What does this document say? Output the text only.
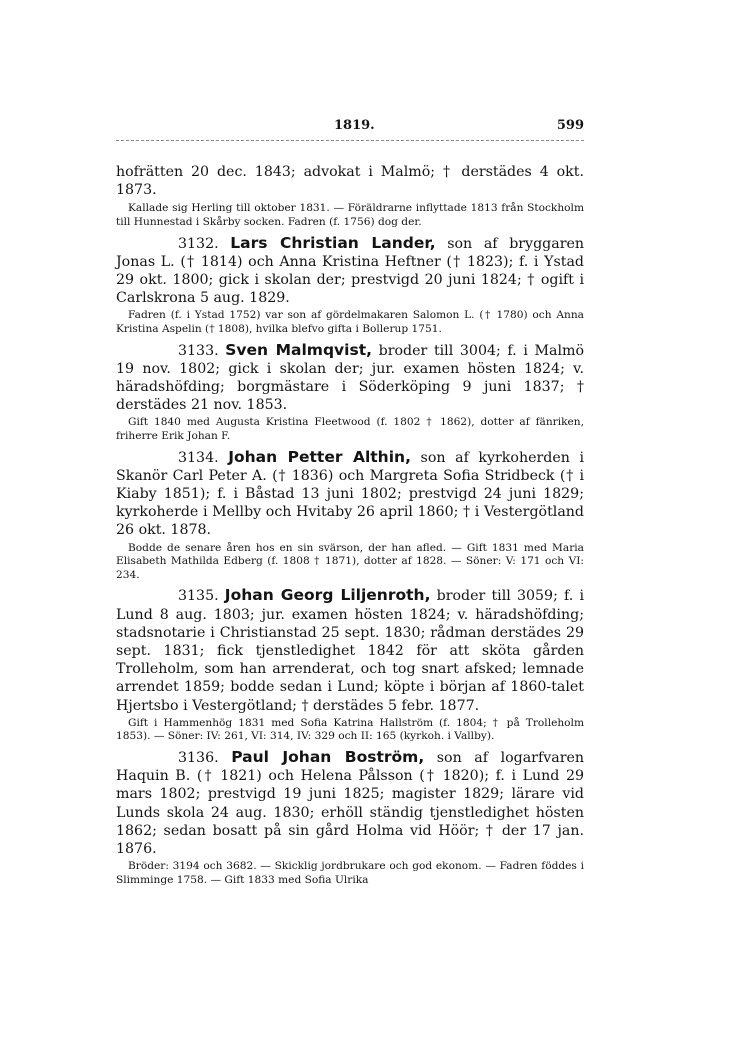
1819.	599

hofrätten 20 dec. 1843; advokat i Malmö; † derstädes 4 okt. 1873.

Kallade sig Herling till oktober 1831. — Föräldrarne inflyttade 1813 från Stockholm till Hunnestad i Skårby socken. Fadren (f. 1756) dog der.

3132. Lars Christian Lander, son af bryggaren Jonas L. († 1814) och Anna Kristina Heftner († 1823); f. i Ystad 29 okt. 1800; gick i skolan der; prestvigd 20 juni 1824; † ogift i Carlskrona 5 aug. 1829.

Fadren (f. i Ystad 1752) var son af gördelmakaren Salomon L. († 1780) och Anna Kristina Aspelin († 1808), hvilka blefvo gifta i Bollerup 1751.

3133. Sven Malmqvist, broder till 3004; f. i Malmö 19 nov. 1802; gick i skolan der; jur. examen hösten 1824; v. häradshöfding; borgmästare i Söderköping 9 juni 1837; † derstädes 21 nov. 1853.

Gift 1840 med Augusta Kristina Fleetwood (f. 1802 † 1862), dotter af fänriken, friherre Erik Johan F.

3134. Johan Petter Althin, son af kyrkoherden i Skanör Carl Peter A. († 1836) och Margreta Sofia Stridbeck († i Kiaby 1851); f. i Båstad 13 juni 1802; prestvigd 24 juni 1829; kyrkoherde i Mellby och Hvitaby 26 april 1860; † i Vestergötland 26 okt. 1878.

Bodde de senare åren hos en sin svärson, der han afled. — Gift 1831 med Maria Elisabeth Mathilda Edberg (f. 1808 † 1871), dotter af 1828. — Söner: V: 171 och VI: 234.

3135. Johan Georg Liljenroth, broder till 3059; f. i Lund 8 aug. 1803; jur. examen hösten 1824; v. häradshöfding; stadsnotarie i Christianstad 25 sept. 1830; rådman derstädes 29 sept. 1831; fick tjenstledighet 1842 för att sköta gården Trolleholm, som han arrenderat, och tog snart afsked; lemnade arrendet 1859; bodde sedan i Lund; köpte i början af 1860-talet Hjertsbo i Vestergötland; † derstädes 5 febr. 1877.

Gift i Hammenhög 1831 med Sofia Katrina Hallström (f. 1804; † på Trolleholm 1853). — Söner: IV: 261, VI: 314, IV: 329 och II: 165 (kyrkoh. i Vallby).

3136. Paul Johan Boström, son af logarfvaren Haquin B. († 1821) och Helena Pålsson († 1820); f. i Lund 29 mars 1802; prestvigd 19 juni 1825; magister 1829; lärare vid Lunds skola 24 aug. 1830; erhöll ständig tjenstledighet hösten 1862; sedan bosatt på sin gård Holma vid Höör; † der 17 jan. 1876.

Bröder: 3194 och 3682. — Skicklig jordbrukare och god ekonom. — Fadren föddes i Slimminge 1758. — Gift 1833 med Sofia Ulrika
